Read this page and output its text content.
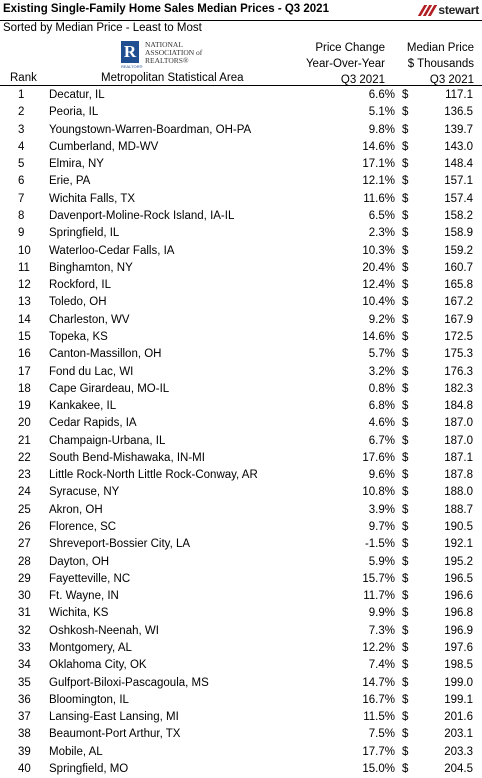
Existing Single-Family Home Sales Median Prices - Q3 2021	stewart
Sorted by Median Price - Least to Most
R
REALTOR®
NATIONAL
ASSOCIATION of
REALTORS®
Price Change
Year-Over-Year
Q3 2021
Median Price
$ Thousands
Q3 2021
Rank	Metropolitan Statistical Area
1 Decatur, IL	6.6% $	117.1
2 Peoria, IL	5.1% $	136.5
3 Youngstown-Warren-Boardman, OH-PA	9.8% $	139.7
4 Cumberland, MD-WV	14.6% $	143.0
5 Elmira, NY	17.1% $	148.4
6 Erie, PA	12.1% $	157.1
7 Wichita Falls, TX	11.6% $	157.4
8 Davenport-Moline-Rock Island, IA-IL	6.5% $	158.2
9 Springfield, IL	2.3% $	158.9
10 Waterloo-Cedar Falls, IA	10.3% $	159.2
11 Binghamton, NY	20.4% $	160.7
12 Rockford, IL	12.4% $	165.8
13 Toledo, OH	10.4% $	167.2
14 Charleston, WV	9.2% $	167.9
15 Topeka, KS	14.6% $	172.5
16 Canton-Massillon, OH	5.7% $	175.3
17 Fond du Lac, WI	3.2% $	176.3
18 Cape Girardeau, MO-IL	0.8% $	182.3
19 Kankakee, IL	6.8% $	184.8
20 Cedar Rapids, IA	4.6% $	187.0
21 Champaign-Urbana, IL	6.7% $	187.0
22 South Bend-Mishawaka, IN-MI	17.6% $	187.1
23 Little Rock-North Little Rock-Conway, AR	9.6% $	187.8
24 Syracuse, NY	10.8% $	188.0
25 Akron, OH	3.9% $	188.7
26 Florence, SC	9.7% $	190.5
27 Shreveport-Bossier City, LA	-1.5% $	192.1
28 Dayton, OH	5.9% $	195.2
29 Fayetteville, NC	15.7% $	196.5
30 Ft. Wayne, IN	11.7% $	196.6
31 Wichita, KS	9.9% $	196.8
32 Oshkosh-Neenah, WI	7.3% $	196.9
33 Montgomery, AL	12.2% $	197.6
34 Oklahoma City, OK	7.4% $	198.5
35 Gulfport-Biloxi-Pascagoula, MS	14.7% $	199.0
36 Bloomington, IL	16.7% $	199.1
37 Lansing-East Lansing, MI	11.5% $	201.6
38 Beaumont-Port Arthur, TX	7.5% $	203.1
39 Mobile, AL	17.7% $	203.3
40 Springfield, MO	15.0% $	204.5
